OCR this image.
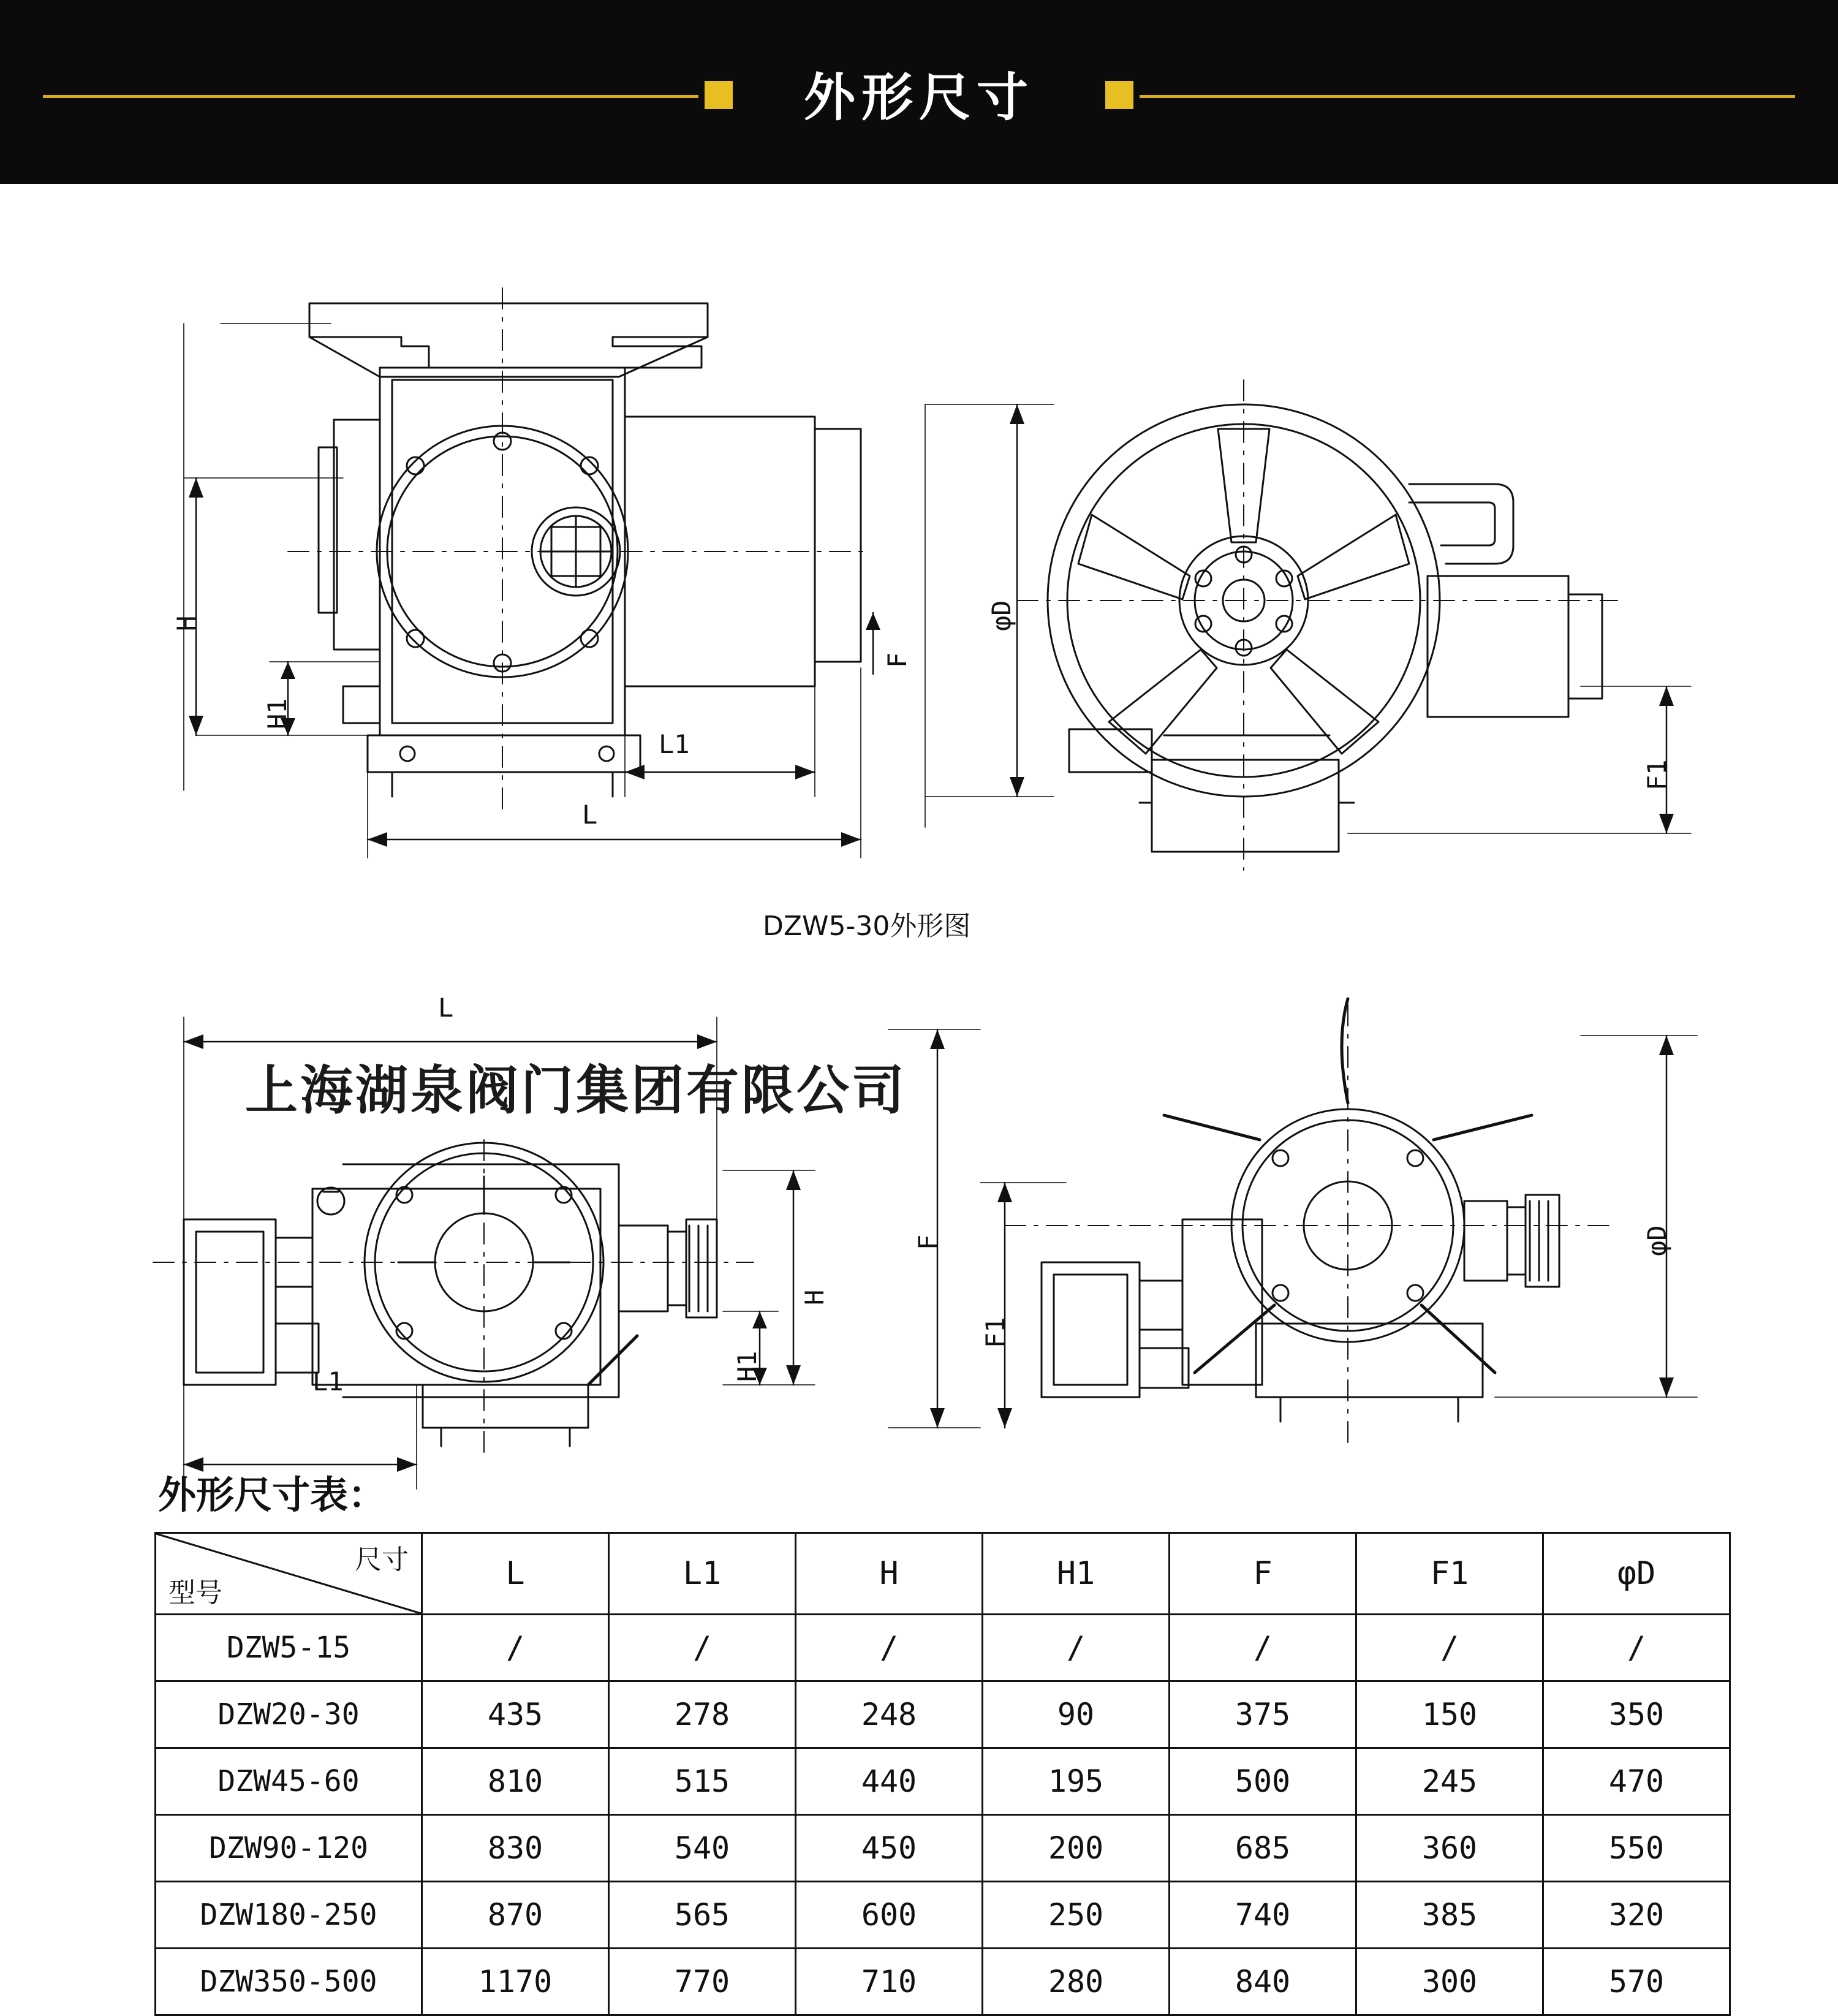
外形尺寸
H
H1
L1
L
F
φD
F1
DZW5-30外形图
L
L1
H
H1
F
F1
φD
上海湖泉阀门集团有限公司
外形尺寸表：
尺寸
型号	L	L1	H	H1	F	F1	φD
DZW5-15	/	/	/	/	/	/	/
DZW20-30	435	278	248	90	375	150	350
DZW45-60	810	515	440	195	500	245	470
DZW90-120	830	540	450	200	685	360	550
DZW180-250	870	565	600	250	740	385	320
DZW350-500	1170	770	710	280	840	300	570
